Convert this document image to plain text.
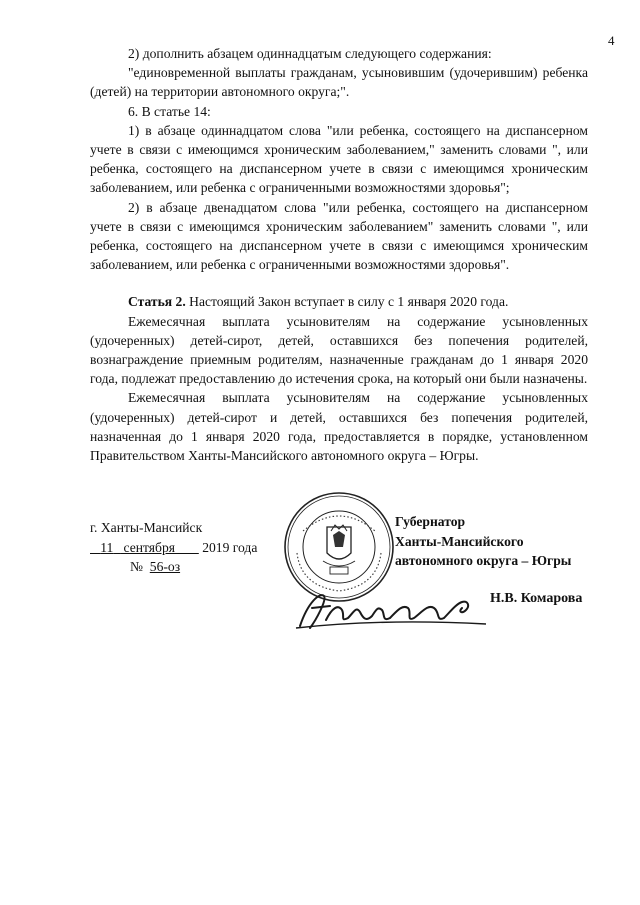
4

2) дополнить абзацем одиннадцатым следующего содержания:

"единовременной выплаты гражданам, усыновившим (удочерившим) ребенка (детей) на территории автономного округа;".

6. В статье 14:

1) в абзаце одиннадцатом слова "или ребенка, состоящего на диспансерном учете в связи с имеющимся хроническим заболеванием," заменить словами ", или ребенка, состоящего на диспансерном учете в связи с имеющимся хроническим заболеванием, или ребенка с ограниченными возможностями здоровья";

2) в абзаце двенадцатом слова "или ребенка, состоящего на диспансерном учете в связи с имеющимся хроническим заболеванием" заменить словами ", или ребенка, состоящего на диспансерном учете в связи с имеющимся хроническим заболеванием, или ребенка с ограниченными возможностями здоровья".

Статья 2. Настоящий Закон вступает в силу с 1 января 2020 года.

Ежемесячная выплата усыновителям на содержание усыновленных (удочеренных) детей-сирот, детей, оставшихся без попечения родителей, вознаграждение приемным родителям, назначенные гражданам до 1 января 2020 года, подлежат предоставлению до истечения срока, на который они были назначены.

Ежемесячная выплата усыновителям на содержание усыновленных (удочеренных) детей-сирот и детей, оставшихся без попечения родителей, назначенная до 1 января 2020 года, предоставляется в порядке, установленном Правительством Ханты-Мансийского автономного округа – Югры.

г. Ханты-Мансийск
11 сентября 2019 года
№ 56-оз
Губернатор
Ханты-Мансийского
автономного округа – Югры
Н.В. Комарова
